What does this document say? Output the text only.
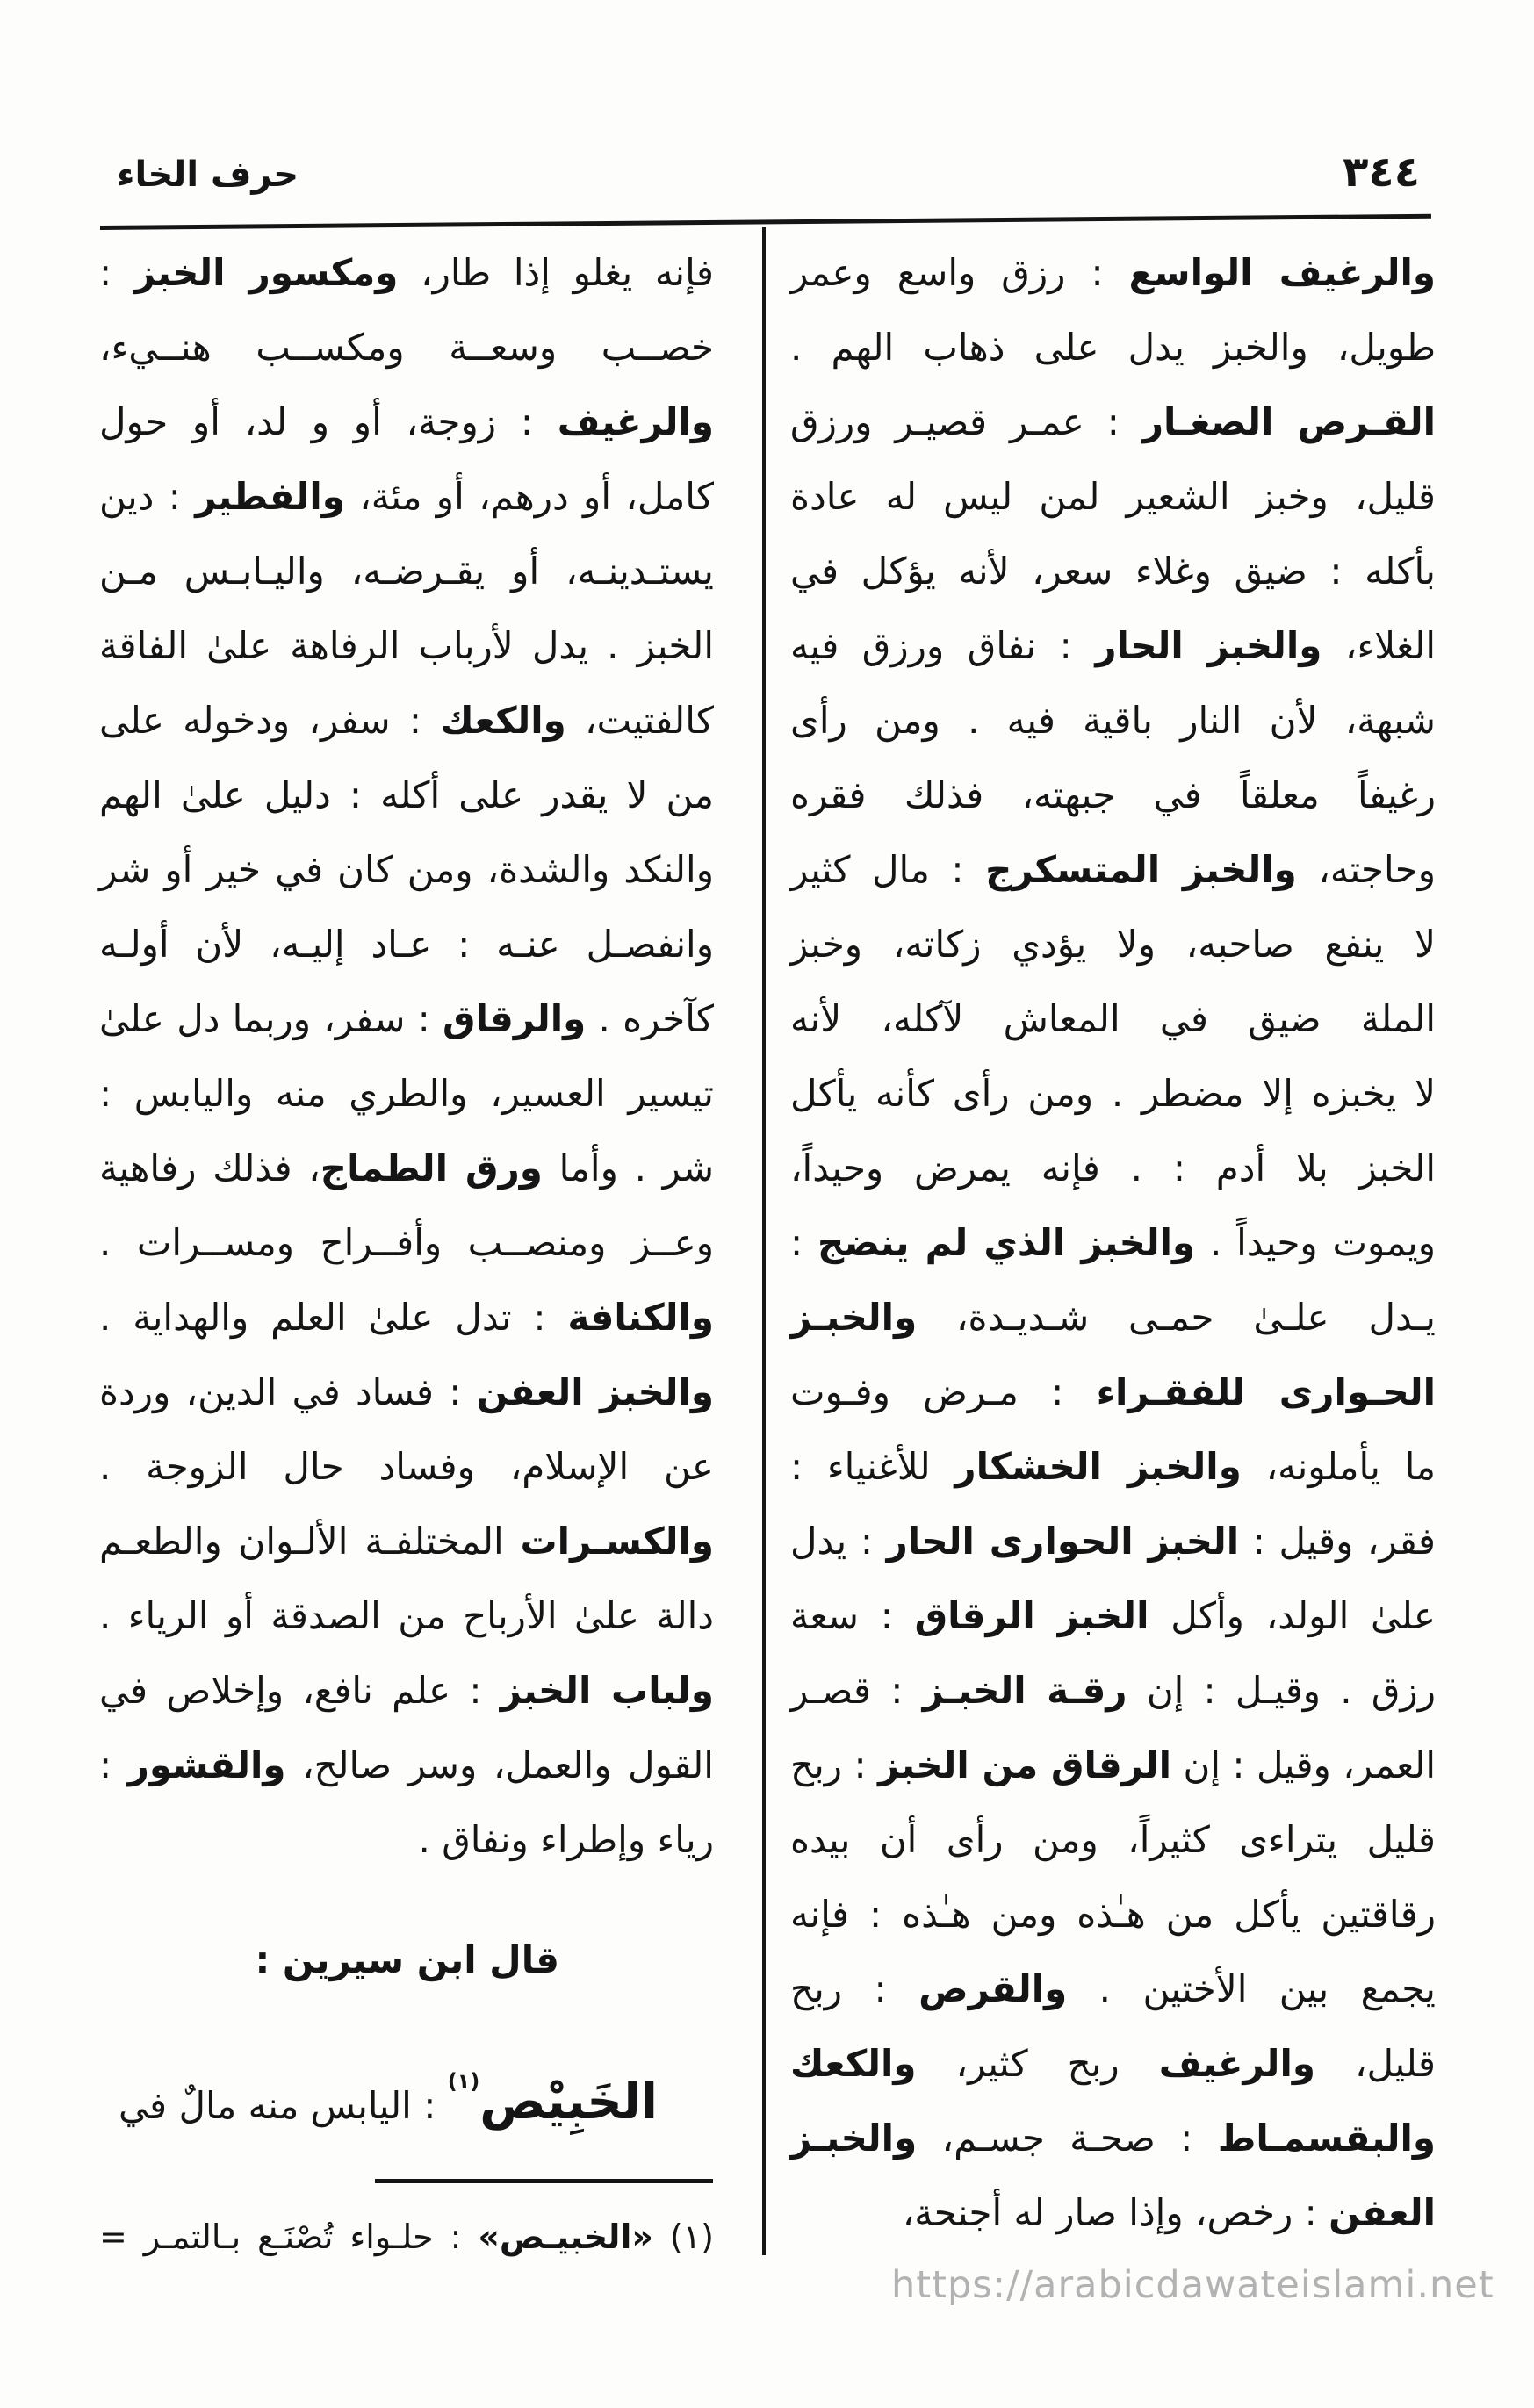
حرف الخاء	٣٤٤
والرغيف الواسع : رزق واسع وعمر
طويل، والخبز يدل على ذهاب الهم .
القـرص الصغـار : عمـر قصيـر ورزق
قليل، وخبز الشعير لمن ليس له عادة
بأكله : ضيق وغلاء سعر، لأنه يؤكل في
الغلاء، والخبز الحار : نفاق ورزق فيه
شبهة، لأن النار باقية فيه . ومن رأى
رغيفاً معلقاً في جبهته، فذلك فقره
وحاجته، والخبز المتسكرج : مال كثير
لا ينفع صاحبه، ولا يؤدي زكاته، وخبز
الملة ضيق في المعاش لآكله، لأنه
لا يخبزه إلا مضطر . ومن رأى كأنه يأكل
الخبز بلا أدم : . فإنه يمرض وحيداً،
ويموت وحيداً . والخبز الذي لم ينضج :
يـدل علـىٰ حمـى شـديـدة، والخبـز
الحـوارى للفقـراء : مـرض وفـوت
ما يأملونه، والخبز الخشكار للأغنياء :
فقر، وقيل : الخبز الحوارى الحار : يدل
علىٰ الولد، وأكل الخبز الرقاق : سعة
رزق . وقيـل : إن رقـة الخبـز : قصـر
العمر، وقيل : إن الرقاق من الخبز : ربح
قليل يتراءى كثيراً، ومن رأى أن بيده
رقاقتين يأكل من هـٰذه ومن هـٰذه : فإنه
يجمع بين الأختين . والقرص : ربح
قليل، والرغيف ربح كثير، والكعك
والبقسمـاط : صحـة جسـم، والخبـز
العفن : رخص، وإذا صار له أجنحة،
فإنه يغلو إذا طار، ومكسور الخبز :
خصــب وسعــة ومكســب هنــيء،
والرغيف : زوجة، أو و لد، أو حول
كامل، أو درهم، أو مئة، والفطير : دين
يستـدينـه، أو يقـرضـه، واليـابـس مـن
الخبز . يدل لأرباب الرفاهة علىٰ الفاقة
كالفتيت، والكعك : سفر، ودخوله على
من لا يقدر على أكله : دليل علىٰ الهم
والنكد والشدة، ومن كان في خير أو شر
وانفصـل عنـه : عـاد إليـه، لأن أولـه
كآخره . والرقاق : سفر، وربما دل علىٰ
تيسير العسير، والطري منه واليابس :
شر . وأما ورق الطماج، فذلك رفاهية
وعــز ومنصــب وأفــراح ومســرات .
والكنافة : تدل علىٰ العلم والهداية .
والخبز العفن : فساد في الدين، وردة
عن الإسلام، وفساد حال الزوجة .
والكسـرات المختلفـة الألـوان والطعـم
دالة علىٰ الأرباح من الصدقة أو الرياء .
ولباب الخبز : علم نافع، وإخلاص في
القول والعمل، وسر صالح، والقشور :
رياء وإطراء ونفاق .
قال ابن سيرين :
الخَبِيْص$^{(١)}$ : اليابس منه مالٌ في
(١) «الخبيـص» : حلـواء تُصْنَـع بـالتمـر =
https://arabicdawateislami.net
